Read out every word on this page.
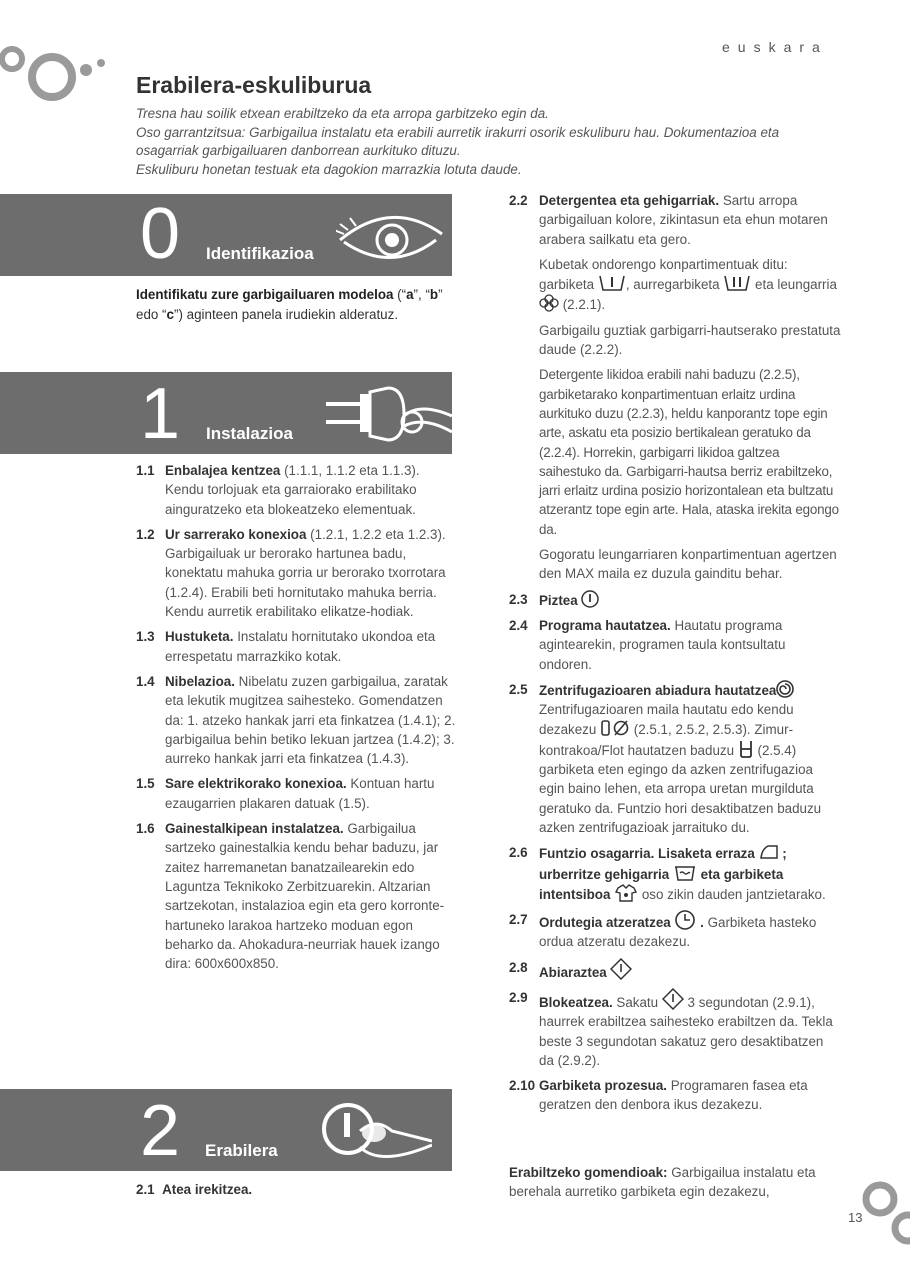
euskara
Erabilera-eskuliburua

Tresna hau soilik etxean erabiltzeko da eta arropa garbitzeko egin da.

Oso garrantzitsua: Garbigailua instalatu eta erabili aurretik irakurri osorik eskuliburu hau. Dokumentazioa eta osagarriak garbigailuaren danborrean aurkituko dituzu.

Eskuliburu honetan testuak eta dagokion marrazkia lotuta daude.

0 Identifikazioa
Identifikatu zure garbigailuaren modeloa (“a”, “b” edo “c”) aginteen panela irudiekin alderatuz.
1 Instalazioa
1.1 Enbalajea kentzea (1.1.1, 1.1.2 eta 1.1.3). Kendu torlojuak eta garraiorako erabilitako ainguratzeko eta blokeatzeko elementuak.
1.2 Ur sarrerako konexioa (1.2.1, 1.2.2 eta 1.2.3). Garbigailuak ur berorako hartunea badu, konektatu mahuka gorria ur berorako txorrotara (1.2.4). Erabili beti hornitutako mahuka berria. Kendu aurretik erabilitako elikatze-hodiak.
1.3 Hustuketa. Instalatu hornitutako ukondoa eta errespetatu marrazkiko kotak.
1.4 Nibelazioa. Nibelatu zuzen garbigailua, zaratak eta lekutik mugitzea saihesteko. Gomendatzen da: 1. atzeko hankak jarri eta finkatzea (1.4.1); 2. garbigailua behin betiko lekuan jartzea (1.4.2); 3. aurreko hankak jarri eta finkatzea (1.4.3).
1.5 Sare elektrikorako konexioa. Kontuan hartu ezaugarrien plakaren datuak (1.5).
1.6 Gainestalkipean instalatzea. Garbigailua sartzeko gainestalkia kendu behar baduzu, jar zaitez harremanetan banatzailearekin edo Laguntza Teknikoko Zerbitzuarekin. Altzarian sartzekotan, instalazioa egin eta gero korronte-hartuneko larakoa hartzeko moduan egon beharko da. Ahokadura-neurriak hauek izango dira: 600x600x850.
2 Erabilera
2.1 Atea irekitzea.
2.2 Detergentea eta gehigarriak. Sartu arropa garbigailuan kolore, zikintasun eta ehun motaren arabera sailkatu eta gero.
Kubetak ondorengo konpartimentuak ditu: garbiketa , aurregarbiketa  eta leungarria  (2.2.1).
Garbigailu guztiak garbigarri-hautserako prestatuta daude (2.2.2).
Detergente likidoa erabili nahi baduzu (2.2.5), garbiketarako konpartimentuan erlaitz urdina aurkituko duzu (2.2.3), heldu kanporantz tope egin arte, askatu eta posizio bertikalean geratuko da (2.2.4). Horrekin, garbigarri likidoa galtzea saihestuko da. Garbigarri-hautsa berriz erabiltzeko, jarri erlaitz urdina posizio horizontalean eta bultzatu atzerantz tope egin arte. Hala, ataska irekita egongo da.
Gogoratu leungarriaren konpartimentuan agertzen den MAX maila ez duzula gainditu behar.
2.3 Piztea
2.4 Programa hautatzea. Hautatu programa agintearekin, programen taula kontsultatu ondoren.
2.5 Zentrifugazioaren abiadura hautatzea
Zentrifugazioaren maila hautatu edo kendu dezakezu  (2.5.1, 2.5.2, 2.5.3). Zimur-kontrakoa/Flot hautatzen baduzu  (2.5.4) garbiketa eten egingo da azken zentrifugazioa egin baino lehen, eta arropa uretan murgilduta geratuko da. Funtzio hori desaktibatzen baduzu azken zentrifugazioak jarraituko du.
2.6 Funtzio osagarria. Lisaketa erraza  ; urberritze gehigarria  eta garbiketa intentsiboa  oso zikin dauden jantzietarako.
2.7 Ordutegia atzeratzea  . Garbiketa hasteko ordua atzeratu dezakezu.
2.8 Abiaraztea
2.9 Blokeatzea. Sakatu  3 segundotan (2.9.1), haurrek erabiltzea saihesteko erabiltzen da. Tekla beste 3 segundotan sakatuz gero desaktibatzen da (2.9.2).
2.10 Garbiketa prozesua. Programaren fasea eta geratzen den denbora ikus dezakezu.
Erabiltzeko gomendioak: Garbigailua instalatu eta berehala aurretiko garbiketa egin dezakezu,
13
